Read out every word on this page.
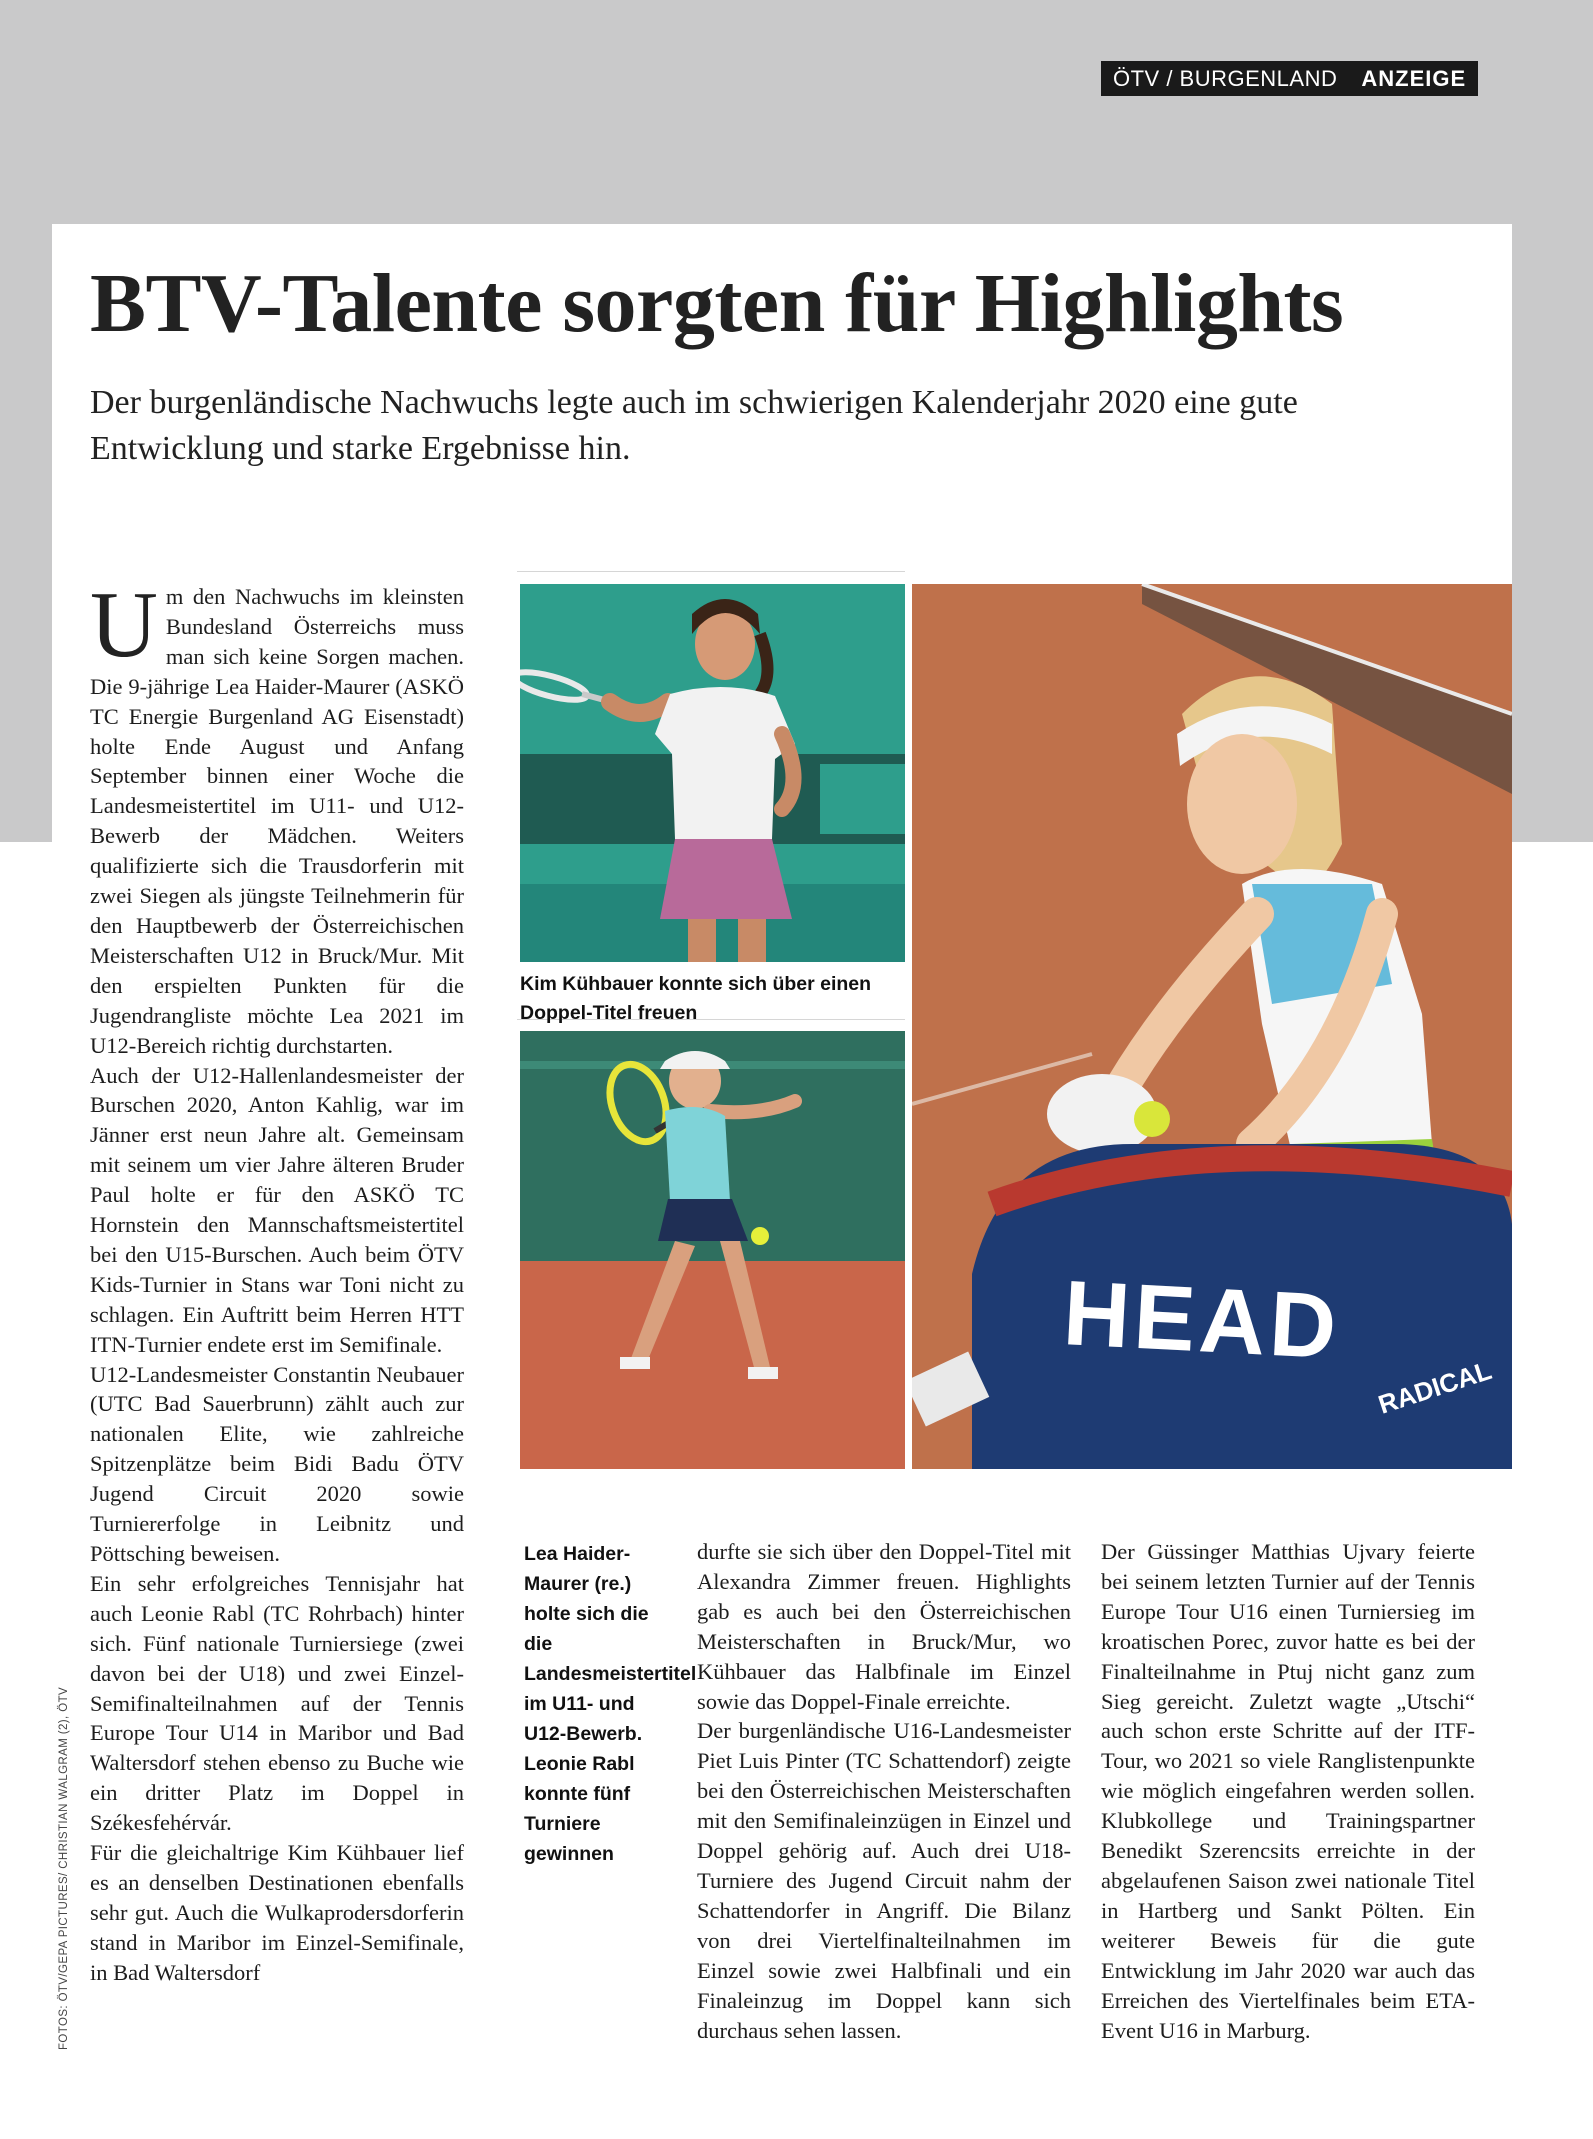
ÖTV / BURGENLAND ANZEIGE
BTV-Talente sorgten für Highlights

Der burgenländische Nachwuchs legte auch im schwierigen Kalenderjahr 2020 eine gute Entwicklung und starke Ergebnisse hin.

FOTOS: ÖTV/GEPA PICTURES/ CHRISTIAN WALGRAM (2), ÖTV

Um den Nachwuchs im kleinsten Bundesland Österreichs muss man sich keine Sorgen machen. Die 9-jährige Lea Haider-Maurer (ASKÖ TC Energie Burgenland AG Eisenstadt) holte Ende August und Anfang September binnen einer Woche die Landesmeistertitel im U11- und U12-Bewerb der Mädchen. Weiters qualifizierte sich die Trausdorferin mit zwei Siegen als jüngste Teilnehmerin für den Hauptbewerb der Österreichischen Meisterschaften U12 in Bruck/Mur. Mit den erspielten Punkten für die Jugendrangliste möchte Lea 2021 im U12-Bereich richtig durchstarten.

Auch der U12-Hallenlandesmeister der Burschen 2020, Anton Kahlig, war im Jänner erst neun Jahre alt. Gemeinsam mit seinem um vier Jahre älteren Bruder Paul holte er für den ASKÖ TC Hornstein den Mannschaftsmeistertitel bei den U15-Burschen. Auch beim ÖTV Kids-Turnier in Stans war Toni nicht zu schlagen. Ein Auftritt beim Herren HTT ITN-Turnier endete erst im Semifinale.

U12-Landesmeister Constantin Neubauer (UTC Bad Sauerbrunn) zählt auch zur nationalen Elite, wie zahlreiche Spitzenplätze beim Bidi Badu ÖTV Jugend Circuit 2020 sowie Turniererfolge in Leibnitz und Pöttsching beweisen.

Ein sehr erfolgreiches Tennisjahr hat auch Leonie Rabl (TC Rohrbach) hinter sich. Fünf nationale Turniersiege (zwei davon bei der U18) und zwei Einzel-Semifinalteilnahmen auf der Tennis Europe Tour U14 in Maribor und Bad Waltersdorf stehen ebenso zu Buche wie ein dritter Platz im Doppel in Székesfehérvár.

Für die gleichaltrige Kim Kühbauer lief es an denselben Destinationen ebenfalls sehr gut. Auch die Wulkaprodersdorferin stand in Maribor im Einzel-Semifinale, in Bad Waltersdorf

Kim Kühbauer konnte sich über einen Doppel-Titel freuen
HEAD
RADICAL
Lea Haider-Maurer (re.) holte sich die die Landesmeistertitel im U11- und U12-Bewerb. Leonie Rabl konnte fünf Turniere gewinnen

durfte sie sich über den Doppel-Titel mit Alexandra Zimmer freuen. Highlights gab es auch bei den Österreichischen Meisterschaften in Bruck/Mur, wo Kühbauer das Halbfinale im Einzel sowie das Doppel-Finale erreichte.

Der burgenländische U16-Landesmeister Piet Luis Pinter (TC Schattendorf) zeigte bei den Österreichischen Meisterschaften mit den Semifinaleinzügen in Einzel und Doppel gehörig auf. Auch drei U18-Turniere des Jugend Circuit nahm der Schattendorfer in Angriff. Die Bilanz von drei Viertelfinalteilnahmen im Einzel sowie zwei Halbfinali und ein Finaleinzug im Doppel kann sich durchaus sehen lassen.

Der Güssinger Matthias Ujvary feierte bei seinem letzten Turnier auf der Tennis Europe Tour U16 einen Turniersieg im kroatischen Porec, zuvor hatte es bei der Finalteilnahme in Ptuj nicht ganz zum Sieg gereicht. Zuletzt wagte „Utschi“ auch schon erste Schritte auf der ITF-Tour, wo 2021 so viele Ranglistenpunkte wie möglich eingefahren werden sollen. Klubkollege und Trainingspartner Benedikt Szerencsits erreichte in der abgelaufenen Saison zwei nationale Titel in Hartberg und Sankt Pölten. Ein weiterer Beweis für die gute Entwicklung im Jahr 2020 war auch das Erreichen des Viertelfinales beim ETA-Event U16 in Marburg.
